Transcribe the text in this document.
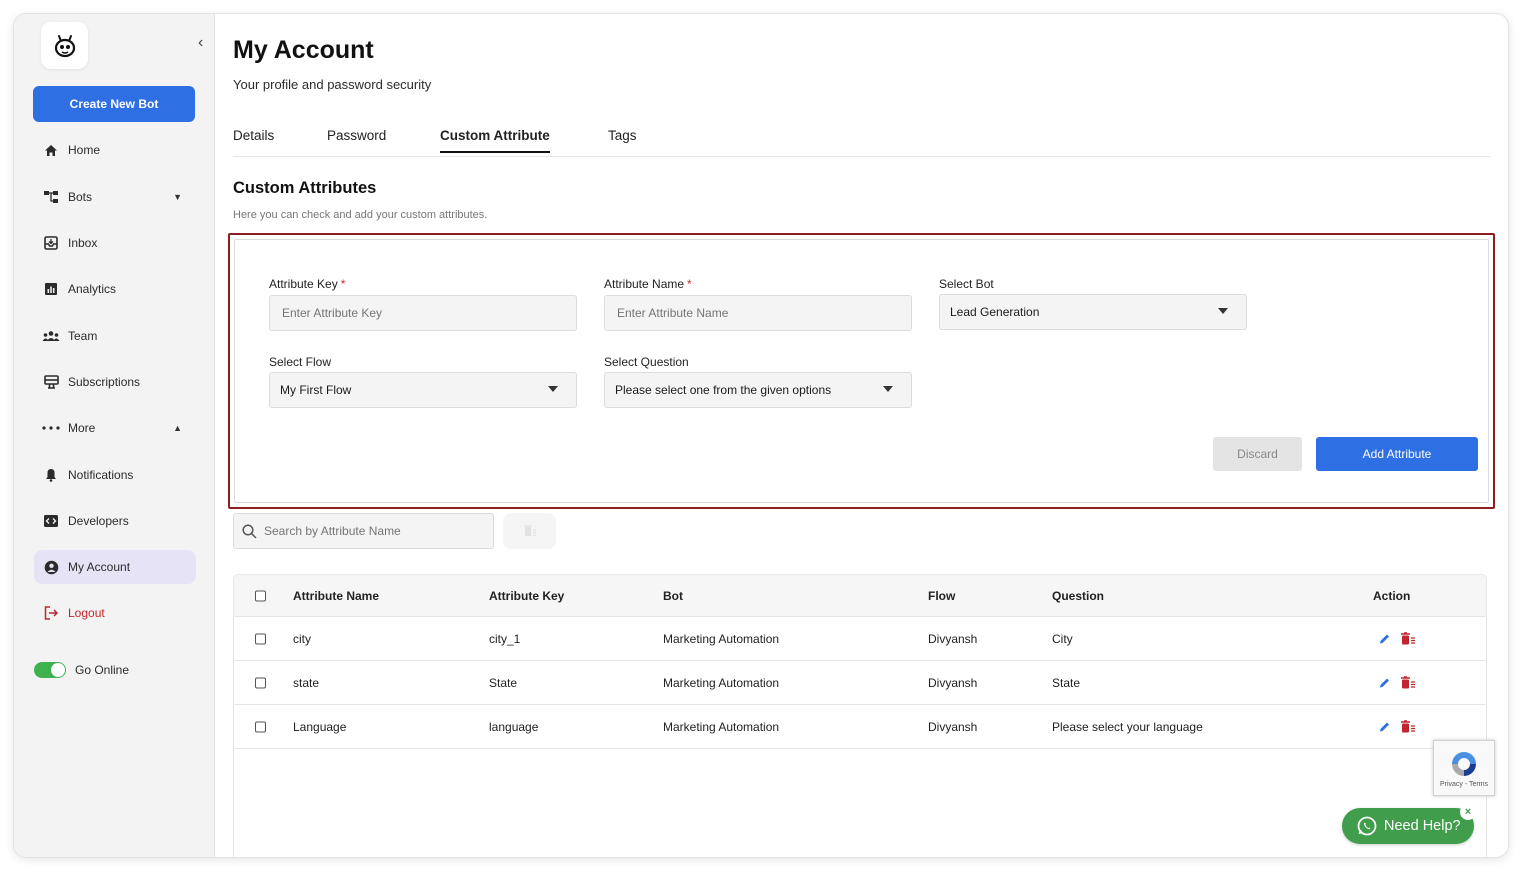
‹
Create New Bot
Home
Bots	▼
Inbox
Analytics
Team
Subscriptions
More	▲
Notifications
Developers
My Account
Logout
Go Online
My Account
Your profile and password security
Details	Password	Custom Attribute	Tags
Custom Attributes
Here you can check and add your custom attributes.
Attribute Key *
Enter Attribute Key	Attribute Name *
Enter Attribute Name	Select Bot
Lead Generation
Select Flow
My First Flow
Select Question
Please select one from the given options
Discard	Add Attribute
Search by Attribute Name
Attribute Name	Attribute Key	Bot	Flow	Question	Action
city	city_1	Marketing Automation	Divyansh	City
state	State	Marketing Automation	Divyansh	State
Language	language	Marketing Automation	Divyansh	Please select your language
Privacy - Terms
Need Help?
×
